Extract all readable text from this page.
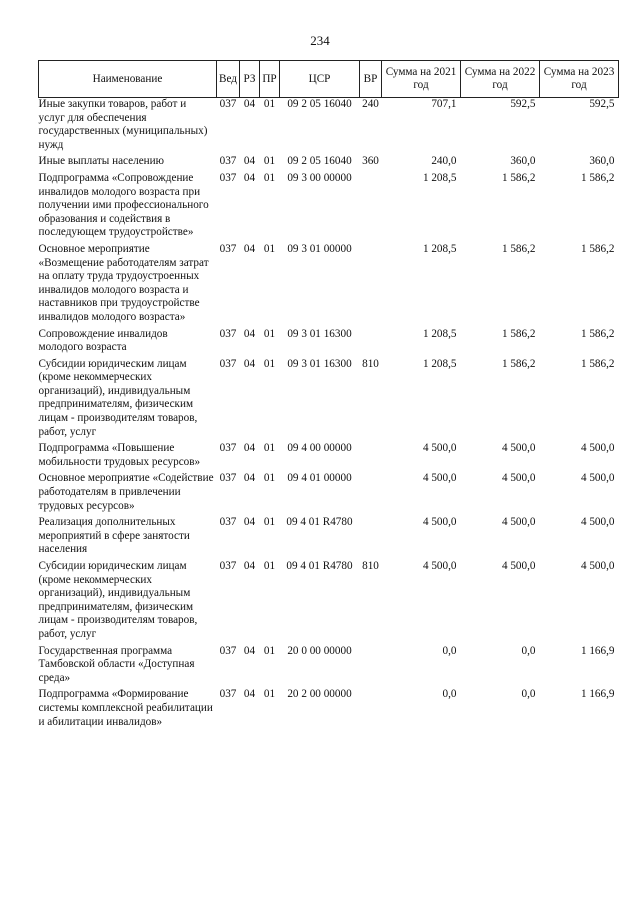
234
Наименование	Вед	РЗ	ПР	ЦСР	ВР	Сумма на 2021 год	Сумма на 2022 год	Сумма на 2023 год
Иные закупки товаров, работ и услуг для обеспечения государственных (муниципальных) нужд	037	04	01	09 2 05 16040	240	707,1	592,5	592,5
Иные выплаты населению	037	04	01	09 2 05 16040	360	240,0	360,0	360,0
Подпрограмма «Сопровождение инвалидов молодого возраста при получении ими профессионального образования и содействия в последующем трудоустройстве»	037	04	01	09 3 00 00000		1 208,5	1 586,2	1 586,2
Основное мероприятие «Возмещение работодателям затрат на оплату труда трудоустроенных инвалидов молодого возраста и наставников при трудоустройстве инвалидов молодого возраста»	037	04	01	09 3 01 00000		1 208,5	1 586,2	1 586,2
Сопровождение инвалидов молодого возраста	037	04	01	09 3 01 16300		1 208,5	1 586,2	1 586,2
Субсидии юридическим лицам (кроме некоммерческих организаций), индивидуальным предпринимателям, физическим лицам - производителям товаров, работ, услуг	037	04	01	09 3 01 16300	810	1 208,5	1 586,2	1 586,2
Подпрограмма «Повышение мобильности трудовых ресурсов»	037	04	01	09 4 00 00000		4 500,0	4 500,0	4 500,0
Основное мероприятие «Содействие работодателям в привлечении трудовых ресурсов»	037	04	01	09 4 01 00000		4 500,0	4 500,0	4 500,0
Реализация дополнительных мероприятий в сфере занятости населения	037	04	01	09 4 01 R4780		4 500,0	4 500,0	4 500,0
Субсидии юридическим лицам (кроме некоммерческих организаций), индивидуальным предпринимателям, физическим лицам - производителям товаров, работ, услуг	037	04	01	09 4 01 R4780	810	4 500,0	4 500,0	4 500,0
Государственная программа Тамбовской области «Доступная среда»	037	04	01	20 0 00 00000		0,0	0,0	1 166,9
Подпрограмма «Формирование системы комплексной реабилитации и абилитации инвалидов»	037	04	01	20 2 00 00000		0,0	0,0	1 166,9
